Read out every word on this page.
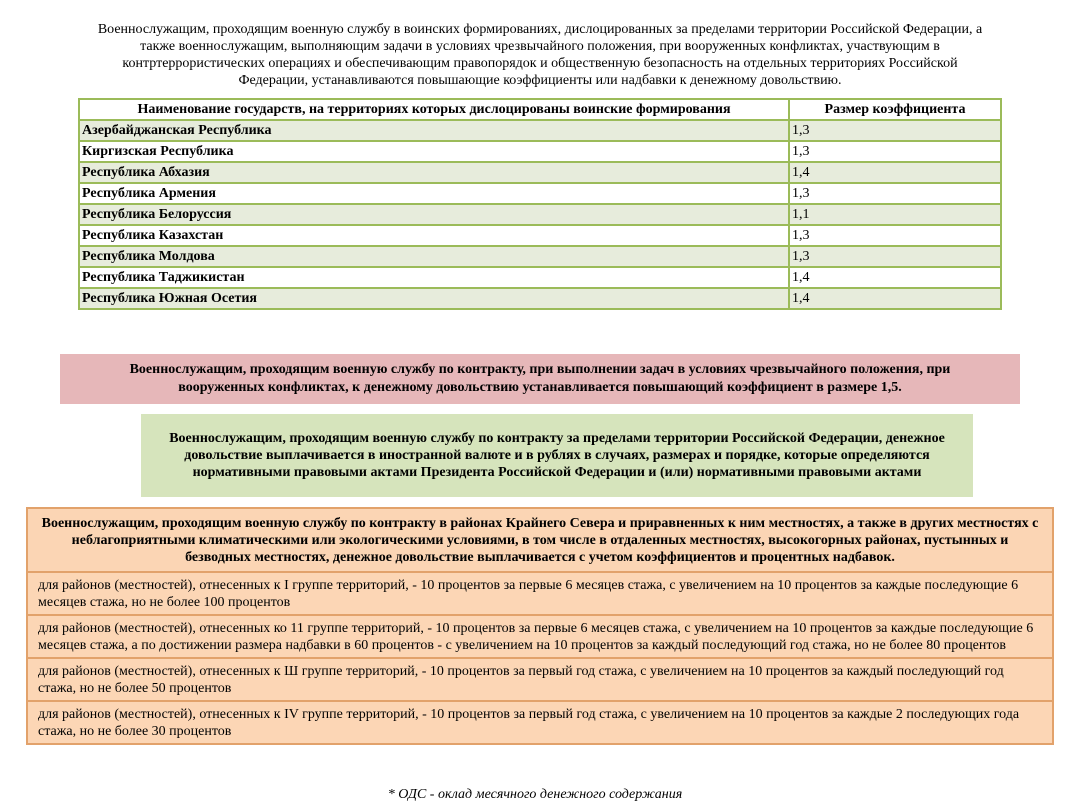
Военнослужащим, проходящим военную службу в воинских формированиях, дислоцированных за пределами территории Российской Федерации, а также военнослужащим, выполняющим задачи в условиях чрезвычайного положения, при вооруженных конфликтах, участвующим в контртеррористических операциях и обеспечивающим правопорядок и общественную безопасность на отдельных территориях Российской Федерации, устанавливаются повышающие коэффициенты или надбавки к денежному довольствию.
Наименование государств, на территориях которых дислоцированы воинские формирования	Размер коэффициента
Азербайджанская Республика	1,3
Киргизская Республика	1,3
Республика Абхазия	1,4
Республика Армения	1,3
Республика Белоруссия	1,1
Республика Казахстан	1,3
Республика Молдова	1,3
Республика Таджикистан	1,4
Республика Южная Осетия	1,4
Военнослужащим, проходящим военную службу по контракту, при выполнении задач в условиях чрезвычайного положения, при вооруженных конфликтах, к денежному довольствию устанавливается повышающий коэффициент в размере 1,5.
Военнослужащим, проходящим военную службу по контракту за пределами территории Российской Федерации, денежное довольствие выплачивается в иностранной валюте и в рублях в случаях, размерах и порядке, которые определяются нормативными правовыми актами Президента Российской Федерации и (или) нормативными правовыми актами
Военнослужащим, проходящим военную службу по контракту в районах Крайнего Севера и приравненных к ним местностях, а также в других местностях с неблагоприятными климатическими или экологическими условиями, в том числе в отдаленных местностях, высокогорных районах, пустынных и безводных местностях, денежное довольствие выплачивается с учетом коэффициентов и процентных надбавок.
для районов (местностей), отнесенных к I группе территорий, - 10 процентов за первые 6 месяцев стажа, с увеличением на 10 процентов за каждые последующие 6 месяцев стажа, но не более 100 процентов
для районов (местностей), отнесенных ко 11 группе территорий, - 10 процентов за первые 6 месяцев стажа, с увеличением на 10 процентов за каждые последующие 6 месяцев стажа, а по достижении размера надбавки в 60 процентов - с увеличением на 10 процентов за каждый последующий год стажа, но не более 80 процентов
для районов (местностей), отнесенных к Ш группе территорий, - 10 процентов за первый год стажа, с увеличением на 10 процентов за каждый последующий год стажа, но не более 50 процентов
для районов (местностей), отнесенных к IV группе территорий, - 10 процентов за первый год стажа, с увеличением на 10 процентов за каждые 2 последующих года стажа, но не более 30 процентов
* ОДС - оклад месячного денежного содержания
